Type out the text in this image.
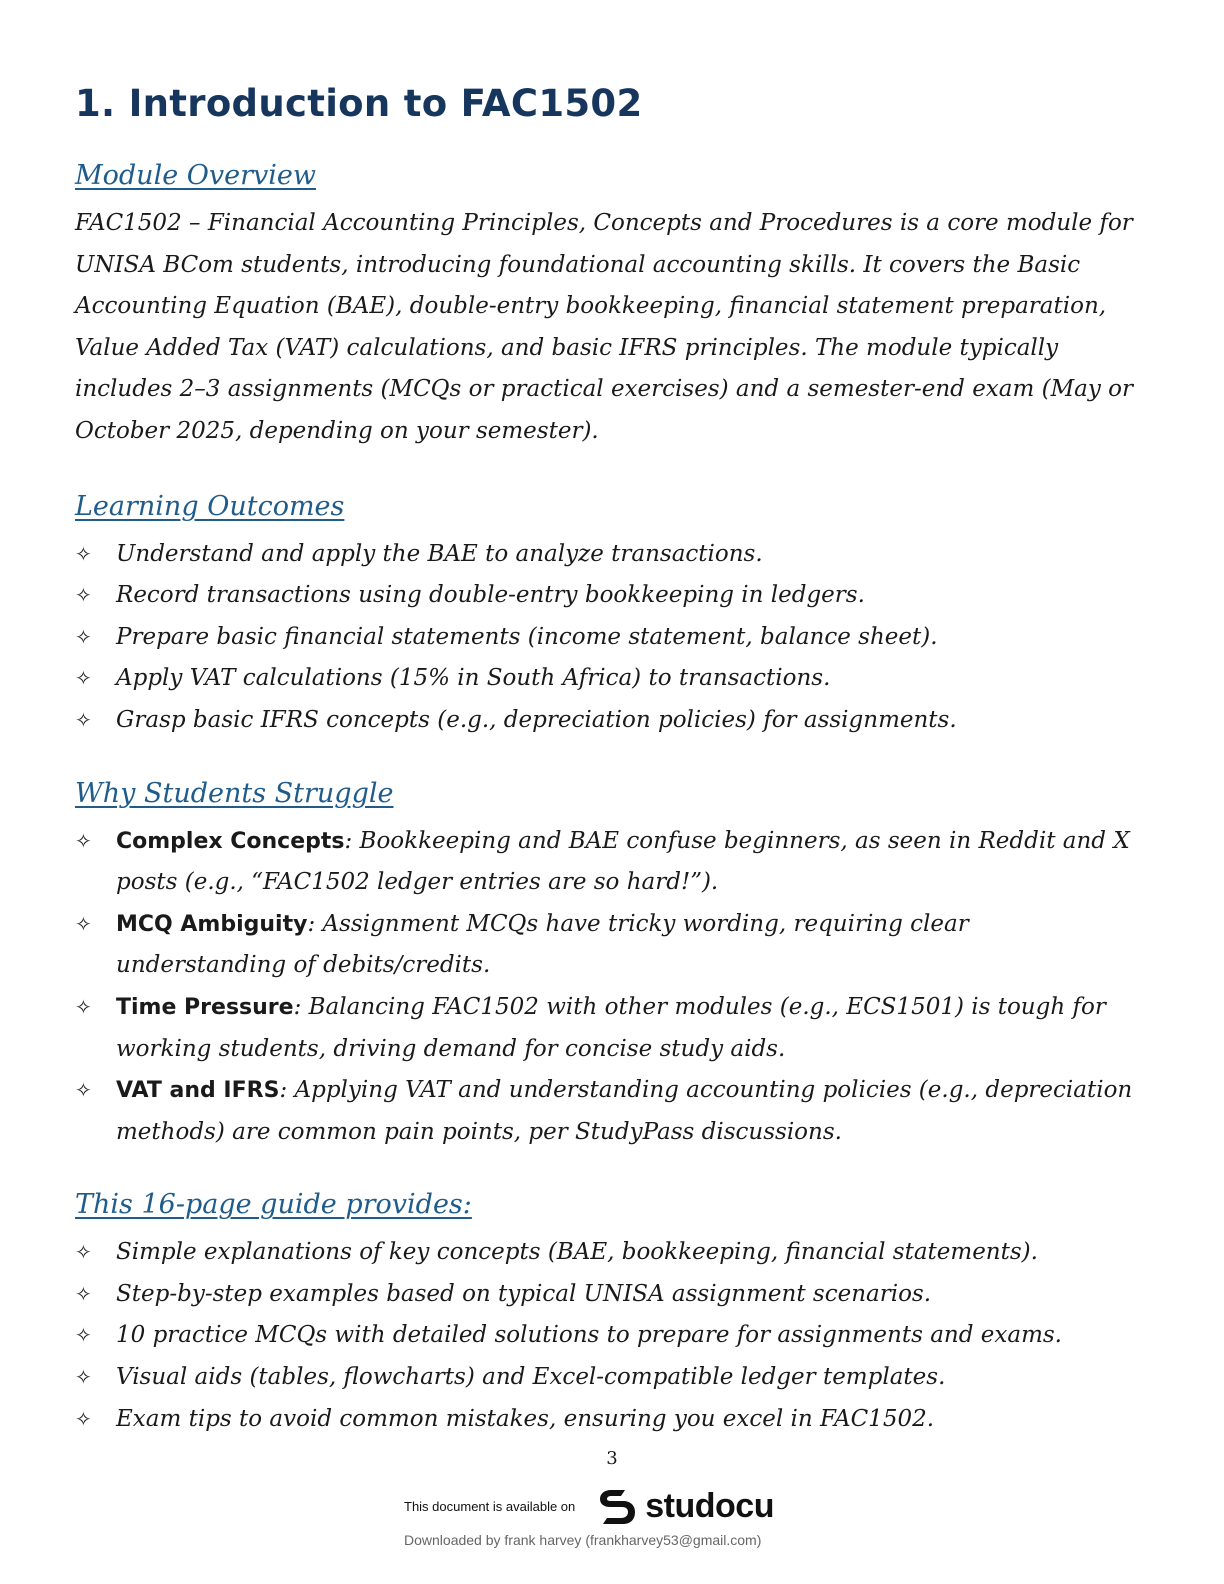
1. Introduction to FAC1502
Module Overview

FAC1502 – Financial Accounting Principles, Concepts and Procedures is a core module for UNISA BCom students, introducing foundational accounting skills. It covers the Basic Accounting Equation (BAE), double-entry bookkeeping, financial statement preparation, Value Added Tax (VAT) calculations, and basic IFRS principles. The module typically includes 2–3 assignments (MCQs or practical exercises) and a semester-end exam (May or October 2025, depending on your semester).

Learning Outcomes
✧ Understand and apply the BAE to analyze transactions.
✧ Record transactions using double-entry bookkeeping in ledgers.
✧ Prepare basic financial statements (income statement, balance sheet).
✧ Apply VAT calculations (15% in South Africa) to transactions.
✧ Grasp basic IFRS concepts (e.g., depreciation policies) for assignments.
Why Students Struggle
✧ Complex Concepts: Bookkeeping and BAE confuse beginners, as seen in Reddit and X posts (e.g., “FAC1502 ledger entries are so hard!”).
✧ MCQ Ambiguity: Assignment MCQs have tricky wording, requiring clear understanding of debits/credits.
✧ Time Pressure: Balancing FAC1502 with other modules (e.g., ECS1501) is tough for working students, driving demand for concise study aids.
✧ VAT and IFRS: Applying VAT and understanding accounting policies (e.g., depreciation methods) are common pain points, per StudyPass discussions.
This 16-page guide provides:
✧ Simple explanations of key concepts (BAE, bookkeeping, financial statements).
✧ Step-by-step examples based on typical UNISA assignment scenarios.
✧ 10 practice MCQs with detailed solutions to prepare for assignments and exams.
✧ Visual aids (tables, flowcharts) and Excel-compatible ledger templates.
✧ Exam tips to avoid common mistakes, ensuring you excel in FAC1502.
3
This document is available on studocu
Downloaded by frank harvey (frankharvey53@gmail.com)
